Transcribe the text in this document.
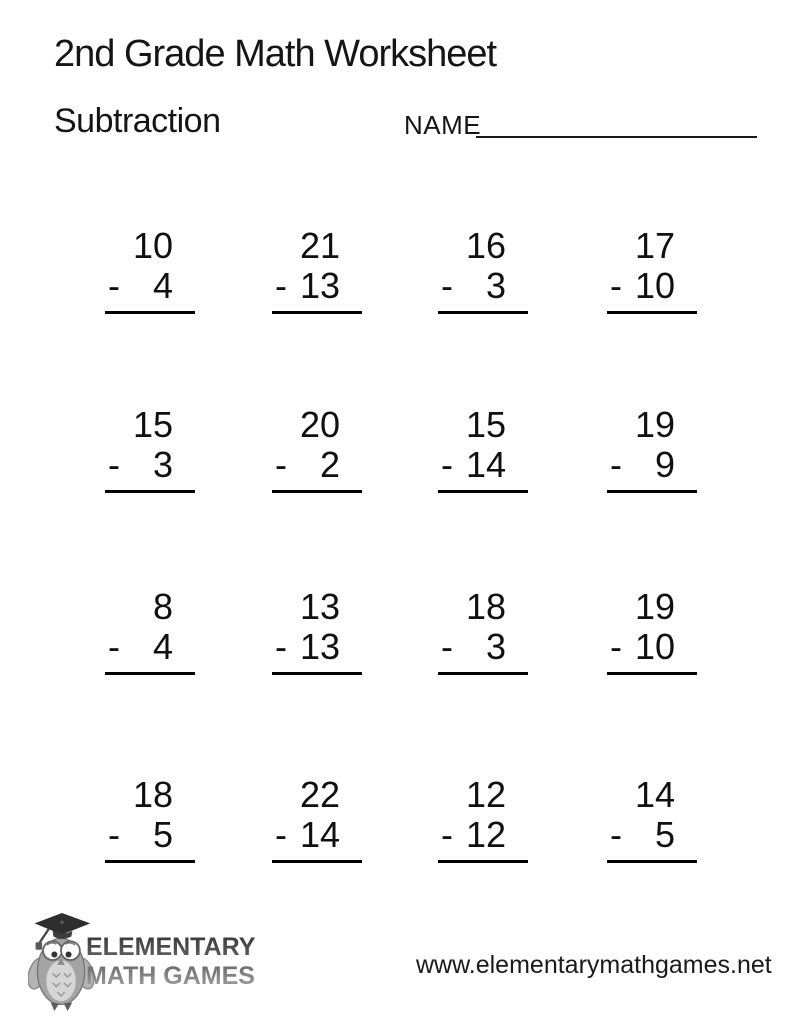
2nd Grade Math Worksheet
Subtraction	NAME
10
- 4
21
- 13
16
- 3
17
- 10
15
- 3
20
- 2
15
- 14
19
- 9
8
- 4
13
- 13
18
- 3
19
- 10
18
- 5
22
- 14
12
- 12
14
- 5
ELEMENTARY
MATH GAMES	www.elementarymathgames.net
